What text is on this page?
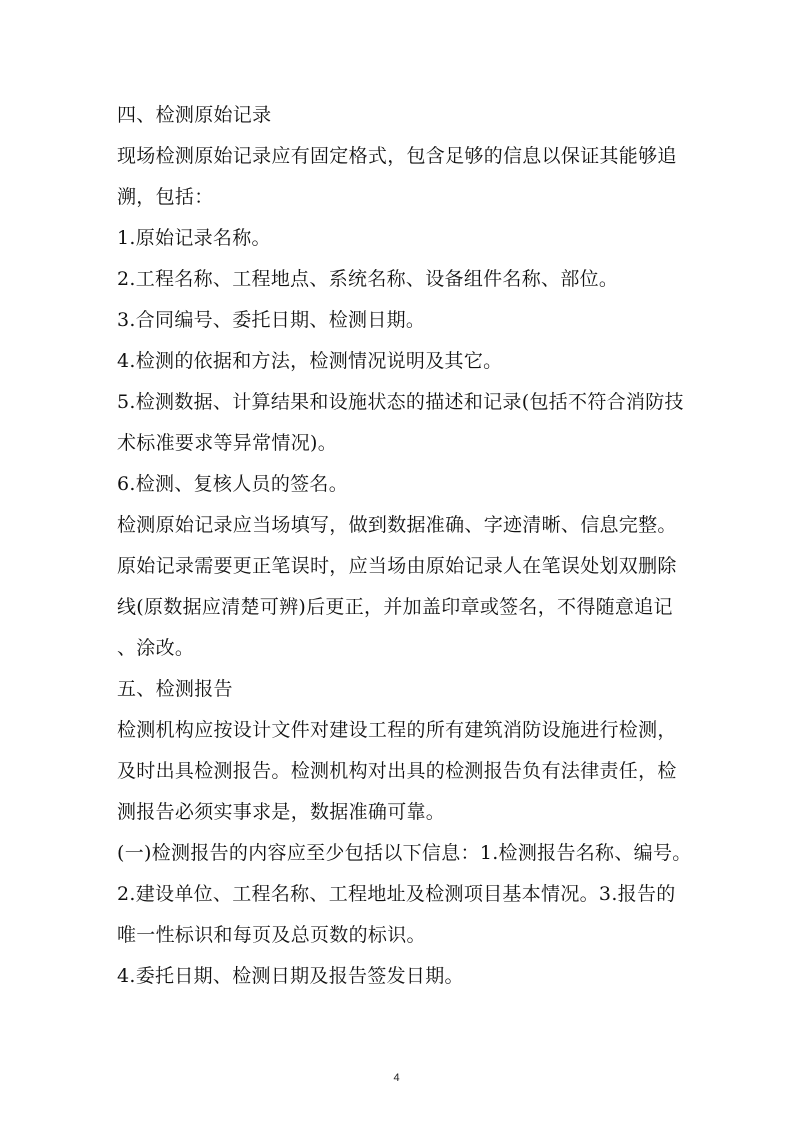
四、检测原始记录
现场检测原始记录应有固定格式，包含足够的信息以保证其能够追
溯，包括：
1.原始记录名称。
2.工程名称、工程地点、系统名称、设备组件名称、部位。
3.合同编号、委托日期、检测日期。
4.检测的依据和方法，检测情况说明及其它。
5.检测数据、计算结果和设施状态的描述和记录(包括不符合消防技
术标准要求等异常情况)。
6.检测、复核人员的签名。
检测原始记录应当场填写，做到数据准确、字迹清晰、信息完整。
原始记录需要更正笔误时，应当场由原始记录人在笔误处划双删除
线(原数据应清楚可辨)后更正，并加盖印章或签名，不得随意追记
、涂改。
五、检测报告
检测机构应按设计文件对建设工程的所有建筑消防设施进行检测，
及时出具检测报告。检测机构对出具的检测报告负有法律责任，检
测报告必须实事求是，数据准确可靠。
(一)检测报告的内容应至少包括以下信息：1.检测报告名称、编号。
2.建设单位、工程名称、工程地址及检测项目基本情况。3.报告的
唯一性标识和每页及总页数的标识。
4.委托日期、检测日期及报告签发日期。
4
